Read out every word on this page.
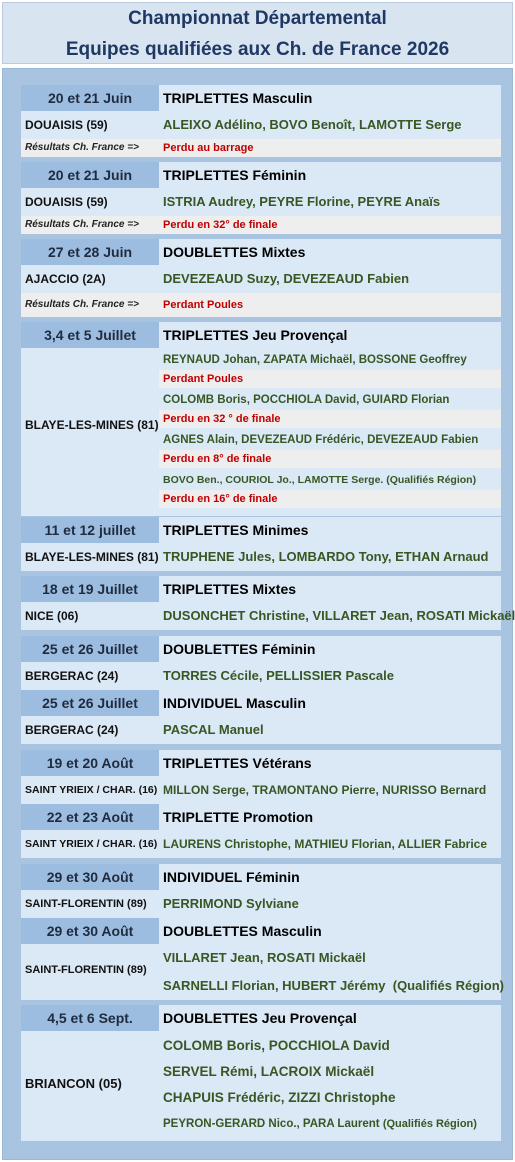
Championnat Départemental
Equipes qualifiées aux Ch. de France 2026
20 et 21 Juin	TRIPLETTES Masculin
DOUAISIS (59)	ALEIXO Adélino, BOVO Benoît, LAMOTTE Serge
Résultats Ch. France => Perdu au barrage
20 et 21 Juin	TRIPLETTES Féminin
DOUAISIS (59)	ISTRIA Audrey, PEYRE Florine, PEYRE Anaïs
Résultats Ch. France => Perdu en 32° de finale
27 et 28 Juin	DOUBLETTES Mixtes
AJACCIO (2A)	DEVEZEAUD Suzy, DEVEZEAUD Fabien
Résultats Ch. France => Perdant Poules
3,4 et 5 Juillet	TRIPLETTES Jeu Provençal
BLAYE-LES-MINES (81)
REYNAUD Johan, ZAPATA Michaël, BOSSONE Geoffrey
Perdant Poules
COLOMB Boris, POCCHIOLA David, GUIARD Florian
Perdu en 32 ° de finale
AGNES Alain, DEVEZEAUD Frédéric, DEVEZEAUD Fabien
Perdu en 8° de finale
BOVO Ben., COURIOL Jo., LAMOTTE Serge. (Qualifiés Région)
Perdu en 16° de finale
11 et 12 juillet	TRIPLETTES Minimes
BLAYE-LES-MINES (81) TRUPHENE Jules, LOMBARDO Tony, ETHAN Arnaud
18 et 19 Juillet	TRIPLETTES Mixtes
NICE (06)	DUSONCHET Christine, VILLARET Jean, ROSATI Mickaël
25 et 26 Juillet	DOUBLETTES Féminin
BERGERAC (24)	TORRES Cécile, PELLISSIER Pascale
25 et 26 Juillet	INDIVIDUEL Masculin
BERGERAC (24)	PASCAL Manuel
19 et 20 Août	TRIPLETTES Vétérans
SAINT YRIEIX / CHAR. (16) MILLON Serge, TRAMONTANO Pierre, NURISSO Bernard
22 et 23 Août	TRIPLETTE Promotion
SAINT YRIEIX / CHAR. (16) LAURENS Christophe, MATHIEU Florian, ALLIER Fabrice
29 et 30 Août	INDIVIDUEL Féminin
SAINT-FLORENTIN (89) PERRIMOND Sylviane
29 et 30 Août	DOUBLETTES Masculin
SAINT-FLORENTIN (89)
VILLARET Jean, ROSATI Mickaël
SARNELLI Florian, HUBERT Jérémy (Qualifiés Région)
4,5 et 6 Sept.	DOUBLETTES Jeu Provençal
BRIANCON (05)
COLOMB Boris, POCCHIOLA David
SERVEL Rémi, LACROIX Mickaël
CHAPUIS Frédéric, ZIZZI Christophe
PEYRON-GERARD Nico., PARA Laurent (Qualifiés Région)
